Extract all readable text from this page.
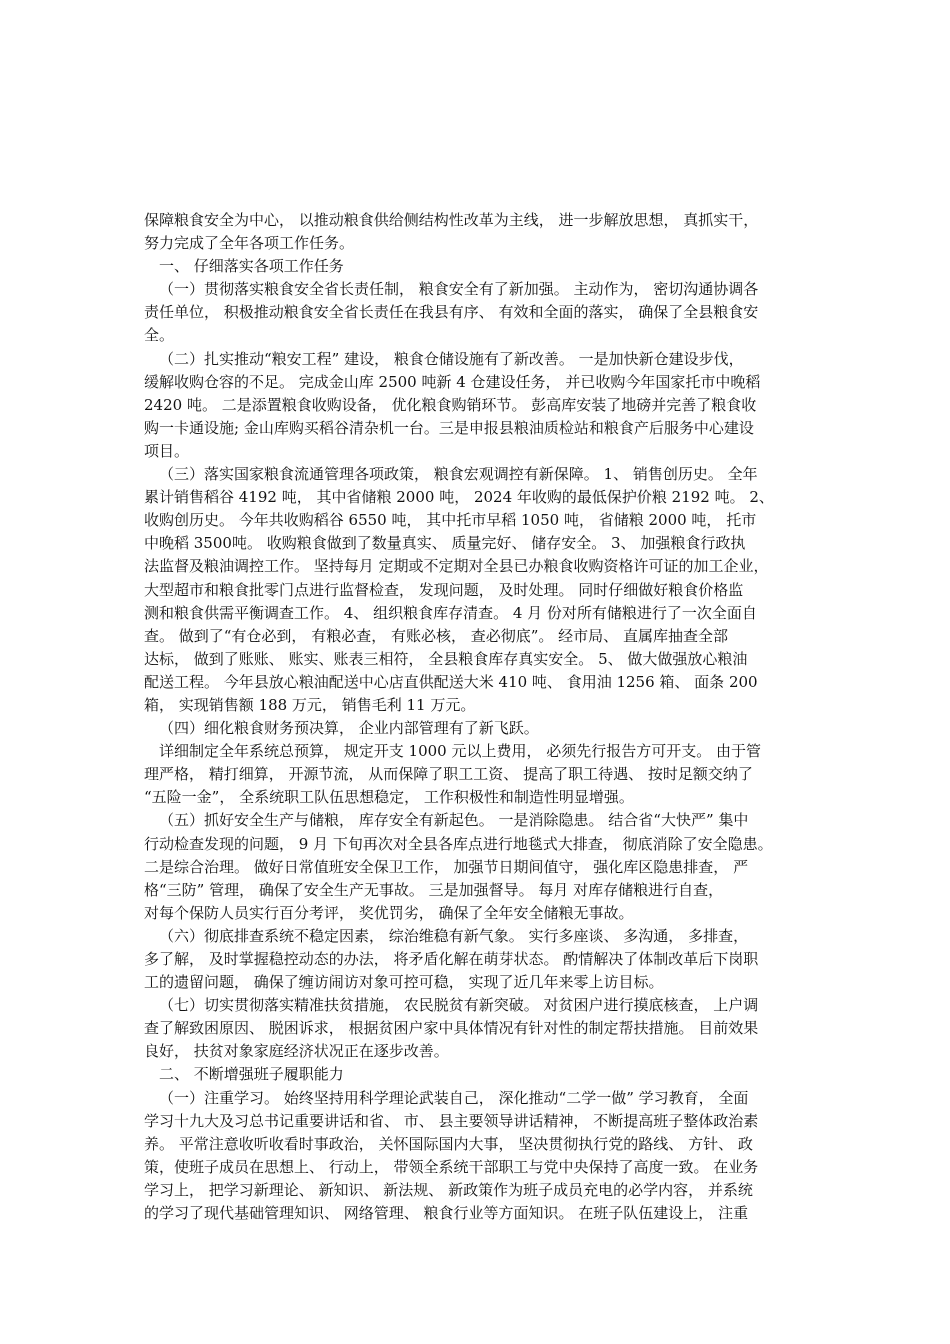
保障粮食安全为中心， 以推动粮食供给侧结构性改革为主线， 进一步解放思想， 真抓实干，
努力完成了全年各项工作任务。
一、 仔细落实各项工作任务
（一）贯彻落实粮食安全省长责任制， 粮食安全有了新加强。 主动作为， 密切沟通协调各
责任单位， 积极推动粮食安全省长责任在我县有序、 有效和全面的落实， 确保了全县粮食安
全。
（二）扎实推动“粮安工程” 建设， 粮食仓储设施有了新改善。 一是加快新仓建设步伐，
缓解收购仓容的不足。 完成金山库 2500 吨新 4 仓建设任务， 并已收购今年国家托市中晚稻
2420 吨。 二是添置粮食收购设备， 优化粮食购销环节。 彭高库安装了地磅并完善了粮食收
购一卡通设施; 金山库购买稻谷清杂机一台。三是申报县粮油质检站和粮食产后服务中心建设
项目。
（三）落实国家粮食流通管理各项政策， 粮食宏观调控有新保障。 1、 销售创历史。 全年
累计销售稻谷 4192 吨， 其中省储粮 2000 吨， 2024 年收购的最低保护价粮 2192 吨。 2、
收购创历史。 今年共收购稻谷 6550 吨， 其中托市早稻 1050 吨， 省储粮 2000 吨， 托市
中晚稻 3500吨。 收购粮食做到了数量真实、 质量完好、 储存安全。 3、 加强粮食行政执
法监督及粮油调控工作。 坚持每月 定期或不定期对全县已办粮食收购资格许可证的加工企业，
大型超市和粮食批零门点进行监督检查， 发现问题， 及时处理。 同时仔细做好粮食价格监
测和粮食供需平衡调查工作。 4、 组织粮食库存清查。 4 月 份对所有储粮进行了一次全面自
查。 做到了“有仓必到， 有粮必查， 有账必核， 查必彻底”。 经市局、 直属库抽查全部
达标， 做到了账账、 账实、账表三相符， 全县粮食库存真实安全。 5、 做大做强放心粮油
配送工程。 今年县放心粮油配送中心店直供配送大米 410 吨、 食用油 1256 箱、 面条 200
箱， 实现销售额 188 万元， 销售毛利 11 万元。
（四）细化粮食财务预决算， 企业内部管理有了新飞跃。
详细制定全年系统总预算， 规定开支 1000 元以上费用， 必须先行报告方可开支。 由于管
理严格， 精打细算， 开源节流， 从而保障了职工工资、 提高了职工待遇、 按时足额交纳了
“五险一金”， 全系统职工队伍思想稳定， 工作积极性和制造性明显增强。
（五）抓好安全生产与储粮， 库存安全有新起色。 一是消除隐患。 结合省“大快严” 集中
行动检查发现的问题， 9 月 下旬再次对全县各库点进行地毯式大排查， 彻底消除了安全隐患。
二是综合治理。 做好日常值班安全保卫工作， 加强节日期间值守， 强化库区隐患排查， 严
格“三防” 管理， 确保了安全生产无事故。 三是加强督导。 每月 对库存储粮进行自查，
对每个保防人员实行百分考评， 奖优罚劣， 确保了全年安全储粮无事故。
（六）彻底排查系统不稳定因素， 综治维稳有新气象。 实行多座谈、 多沟通， 多排查，
多了解， 及时掌握稳控动态的办法， 将矛盾化解在萌芽状态。 酌情解决了体制改革后下岗职
工的遗留问题， 确保了缠访闹访对象可控可稳， 实现了近几年来零上访目标。
（七）切实贯彻落实精准扶贫措施， 农民脱贫有新突破。 对贫困户进行摸底核查， 上户调
查了解致困原因、 脱困诉求， 根据贫困户家中具体情况有针对性的制定帮扶措施。 目前效果
良好， 扶贫对象家庭经济状况正在逐步改善。
二、 不断增强班子履职能力
（一）注重学习。 始终坚持用科学理论武装自己， 深化推动“二学一做” 学习教育， 全面
学习十九大及习总书记重要讲话和省、 市、 县主要领导讲话精神， 不断提高班子整体政治素
养。 平常注意收听收看时事政治， 关怀国际国内大事， 坚决贯彻执行党的路线、 方针、 政
策，使班子成员在思想上、 行动上， 带领全系统干部职工与党中央保持了高度一致。 在业务
学习上， 把学习新理论、 新知识、 新法规、 新政策作为班子成员充电的必学内容， 并系统
的学习了现代基础管理知识、 网络管理、 粮食行业等方面知识。 在班子队伍建设上， 注重
